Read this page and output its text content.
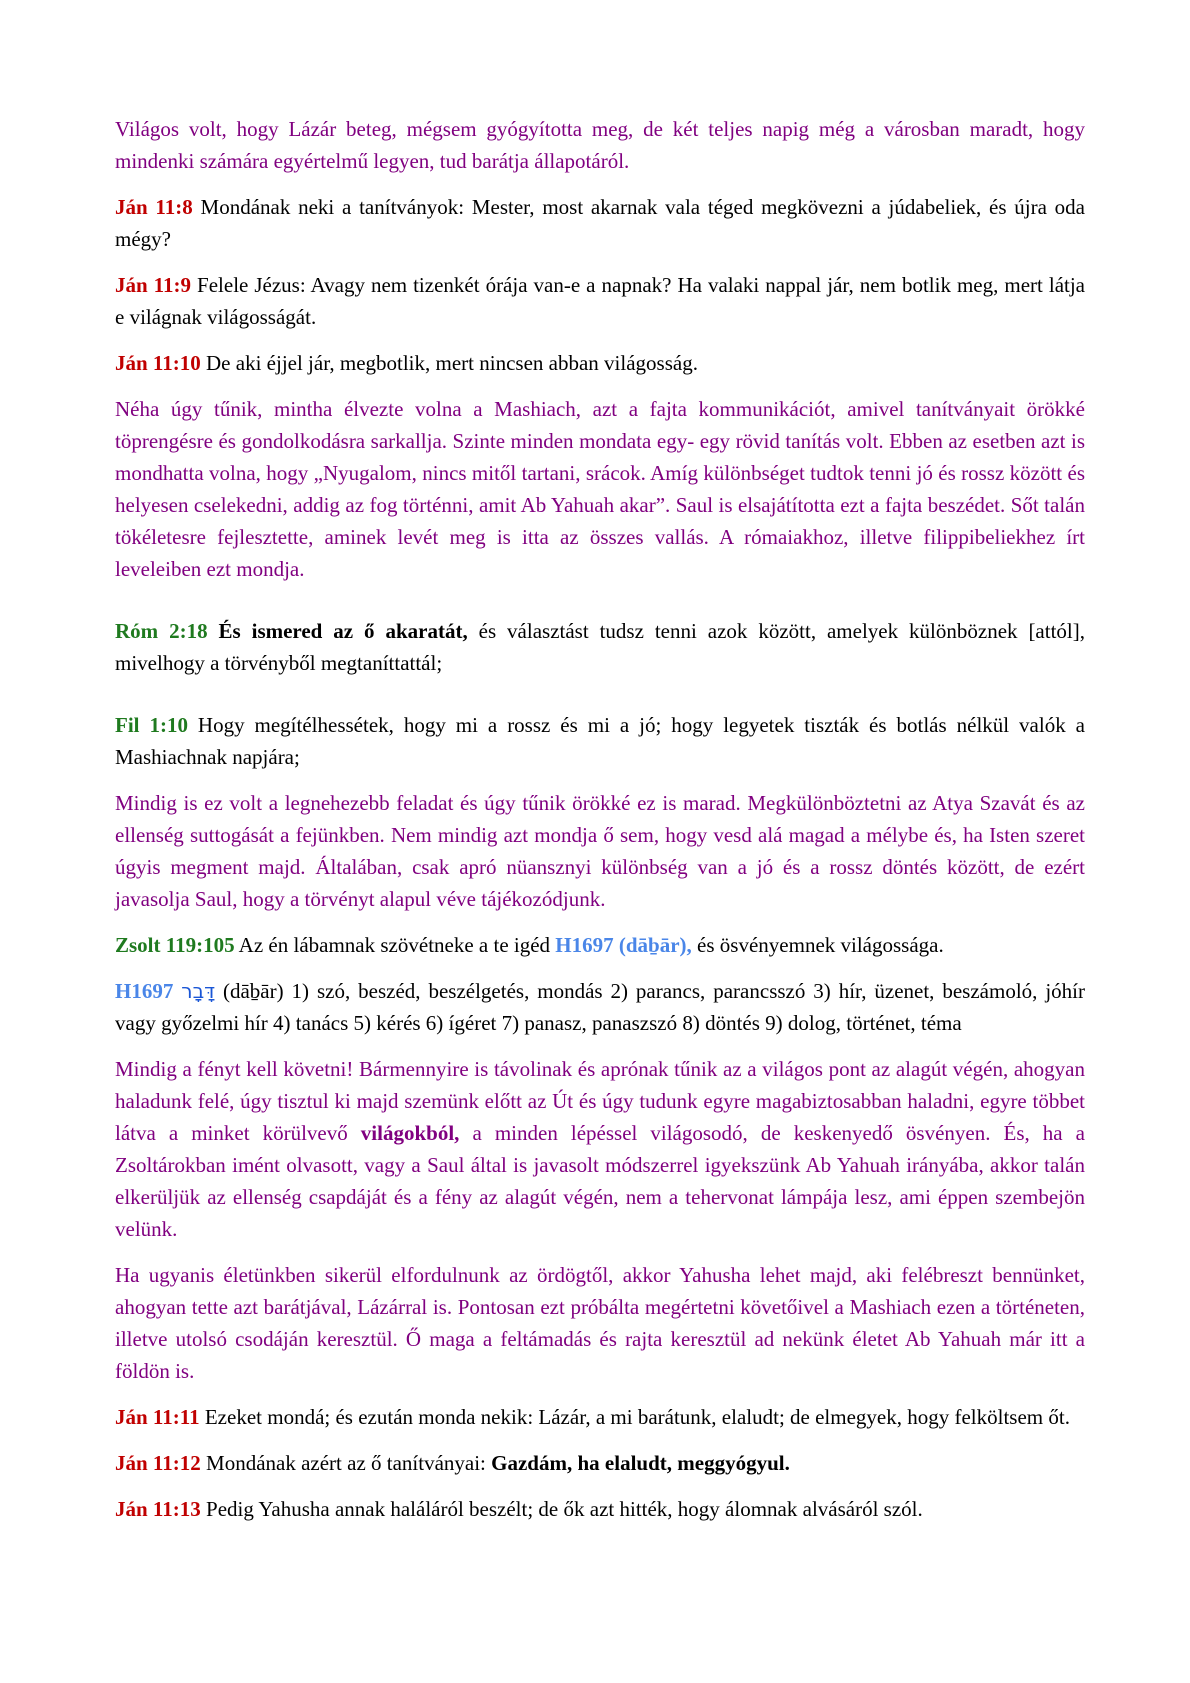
Világos volt, hogy Lázár beteg, mégsem gyógyította meg, de két teljes napig még a városban maradt, hogy mindenki számára egyértelmű legyen, tud barátja állapotáról.

Ján 11:8 Mondának neki a tanítványok: Mester, most akarnak vala téged megkövezni a júdabeliek, és újra oda mégy?

Ján 11:9 Felele Jézus: Avagy nem tizenkét órája van-e a napnak? Ha valaki nappal jár, nem botlik meg, mert látja e világnak világosságát.

Ján 11:10 De aki éjjel jár, megbotlik, mert nincsen abban világosság.

Néha úgy tűnik, mintha élvezte volna a Mashiach, azt a fajta kommunikációt, amivel tanítványait örökké töprengésre és gondolkodásra sarkallja. Szinte minden mondata egy- egy rövid tanítás volt. Ebben az esetben azt is mondhatta volna, hogy „Nyugalom, nincs mitől tartani, srácok. Amíg különbséget tudtok tenni jó és rossz között és helyesen cselekedni, addig az fog történni, amit Ab Yahuah akar”. Saul is elsajátította ezt a fajta beszédet. Sőt talán tökéletesre fejlesztette, aminek levét meg is itta az összes vallás. A rómaiakhoz, illetve filippibeliekhez írt leveleiben ezt mondja.

Róm 2:18 És ismered az ő akaratát, és választást tudsz tenni azok között, amelyek különböznek [attól], mivelhogy a törvényből megtaníttattál;

Fil 1:10 Hogy megítélhessétek, hogy mi a rossz és mi a jó; hogy legyetek tiszták és botlás nélkül valók a Mashiachnak napjára;

Mindig is ez volt a legnehezebb feladat és úgy tűnik örökké ez is marad. Megkülönböztetni az Atya Szavát és az ellenség suttogását a fejünkben. Nem mindig azt mondja ő sem, hogy vesd alá magad a mélybe és, ha Isten szeret úgyis megment majd. Általában, csak apró nüansznyi különbség van a jó és a rossz döntés között, de ezért javasolja Saul, hogy a törvényt alapul véve tájékozódjunk.

Zsolt 119:105 Az én lábamnak szövétneke a te igéd H1697 (dāḇār), és ösvényemnek világossága.

H1697 דָּבָר (dāḇār) 1) szó, beszéd, beszélgetés, mondás 2) parancs, parancsszó 3) hír, üzenet, beszámoló, jóhír vagy győzelmi hír 4) tanács 5) kérés 6) ígéret 7) panasz, panaszszó 8) döntés 9) dolog, történet, téma

Mindig a fényt kell követni! Bármennyire is távolinak és aprónak tűnik az a világos pont az alagút végén, ahogyan haladunk felé, úgy tisztul ki majd szemünk előtt az Út és úgy tudunk egyre magabiztosabban haladni, egyre többet látva a minket körülvevő világokból, a minden lépéssel világosodó, de keskenyedő ösvényen. És, ha a Zsoltárokban imént olvasott, vagy a Saul által is javasolt módszerrel igyekszünk Ab Yahuah irányába, akkor talán elkerüljük az ellenség csapdáját és a fény az alagút végén, nem a tehervonat lámpája lesz, ami éppen szembejön velünk.

Ha ugyanis életünkben sikerül elfordulnunk az ördögtől, akkor Yahusha lehet majd, aki felébreszt bennünket, ahogyan tette azt barátjával, Lázárral is. Pontosan ezt próbálta megértetni követőivel a Mashiach ezen a történeten, illetve utolsó csodáján keresztül. Ő maga a feltámadás és rajta keresztül ad nekünk életet Ab Yahuah már itt a földön is.

Ján 11:11 Ezeket mondá; és ezután monda nekik: Lázár, a mi barátunk, elaludt; de elmegyek, hogy felköltsem őt.

Ján 11:12 Mondának azért az ő tanítványai: Gazdám, ha elaludt, meggyógyul.

Ján 11:13 Pedig Yahusha annak haláláról beszélt; de ők azt hitték, hogy álomnak alvásáról szól.
